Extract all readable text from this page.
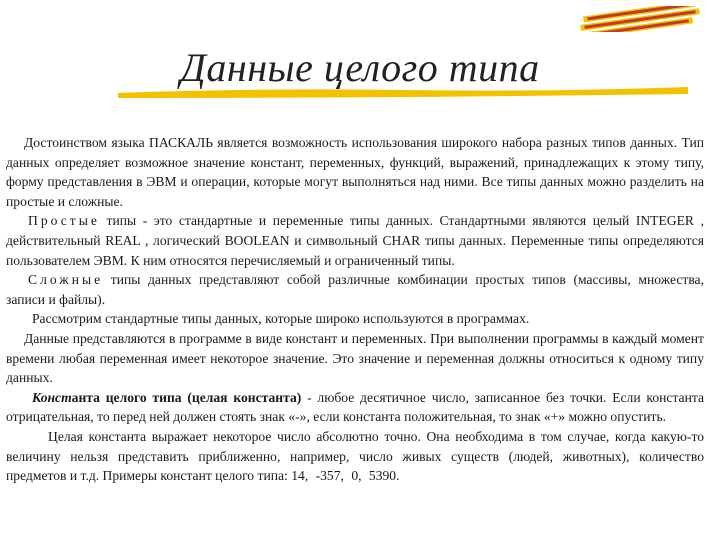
Данные целого типа

Достоинством языка ПАСКАЛЬ является возможность использования широкого набора разных типов данных. Тип данных определяет возможное значение констант, переменных, функций, выражений, принадлежащих к этому типу, форму представления в ЭВМ и операции, которые могут выполняться над ними. Все типы данных можно разделить на простые и сложные.

Простые типы - это стандартные и переменные типы данных. Стандартными являются целый INTEGER , действительный REAL , логический BOOLEAN и символьный CHAR типы данных. Переменные типы определяются пользователем ЭВМ. К ним относятся перечисляемый и ограниченный типы.

Сложные типы данных представляют собой различные комбинации простых типов (массивы, множества, записи и файлы).

Рассмотрим стандартные типы данных, которые широко используются в программах.

Данные представляются в программе в виде констант и переменных. При выполнении программы в каждый момент времени любая переменная имеет некоторое значение. Это значение и переменная должны относиться к одному типу данных.

Константа целого типа (целая константа) - любое десятичное число, записанное без точки. Если константа отрицательная, то перед ней должен стоять знак «-», если константа положительная, то знак «+» можно опустить.

Целая константа выражает некоторое число абсолютно точно. Она необходима в том случае, когда какую-то величину нельзя представить приближенно, например, число живых существ (людей, животных), количество предметов и т.д. Примеры констант целого типа: 14, -357, 0, 5390.
